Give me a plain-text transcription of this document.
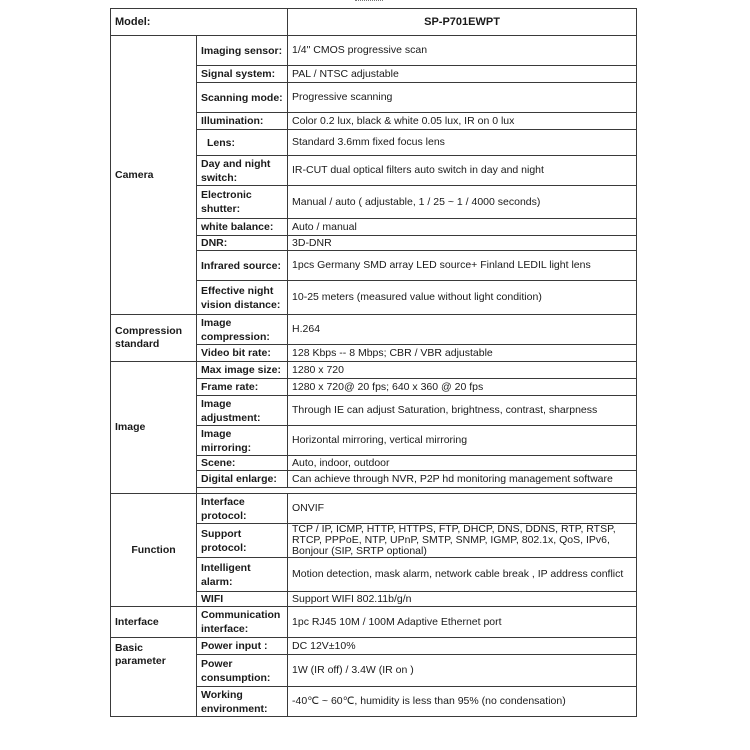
Model:		SP-P701EWPT
Camera	Imaging sensor:	1/4" CMOS progressive scan
	Signal system:	PAL / NTSC adjustable
	Scanning mode:	Progressive scanning
	Illumination:	Color 0.2 lux, black & white 0.05 lux, IR on 0 lux
	Lens:	Standard 3.6mm fixed focus lens
	Day and night switch:	IR-CUT dual optical filters auto switch in day and night
	Electronic shutter:	Manual / auto ( adjustable, 1 / 25 ~ 1 / 4000 seconds)
	white balance:	Auto / manual
	DNR:	3D-DNR
	Infrared source:	1pcs Germany SMD array LED source+ Finland LEDIL light lens
	Effective night vision distance:	10-25 meters (measured value without light condition)
Compression standard	Image compression:	H.264
	Video bit rate:	128 Kbps -- 8 Mbps; CBR / VBR adjustable
Image	Max image size:	1280 x 720
	Frame rate:	1280 x 720@ 20 fps; 640 x 360 @ 20 fps
	Image adjustment:	Through IE can adjust Saturation, brightness, contrast, sharpness
	Image mirroring:	Horizontal mirroring, vertical mirroring
	Scene:	Auto, indoor, outdoor
	Digital enlarge:	Can achieve through NVR, P2P hd monitoring management software

Function	Interface protocol:	ONVIF
	Support protocol:	TCP / IP, ICMP, HTTP, HTTPS, FTP, DHCP, DNS, DDNS, RTP, RTSP, RTCP, PPPoE, NTP, UPnP, SMTP, SNMP, IGMP, 802.1x, QoS, IPv6, Bonjour (SIP, SRTP optional)
	Intelligent alarm:	Motion detection, mask alarm, network cable break , IP address conflict
	WIFI	Support WIFI 802.11b/g/n
Interface	Communication interface:	1pc RJ45 10M / 100M Adaptive Ethernet port
Basic parameter	Power input :	DC 12V±10%
	Power consumption:	1W (IR off) / 3.4W (IR on )
	Working environment:	-40℃ ~ 60℃, humidity is less than 95% (no condensation)
